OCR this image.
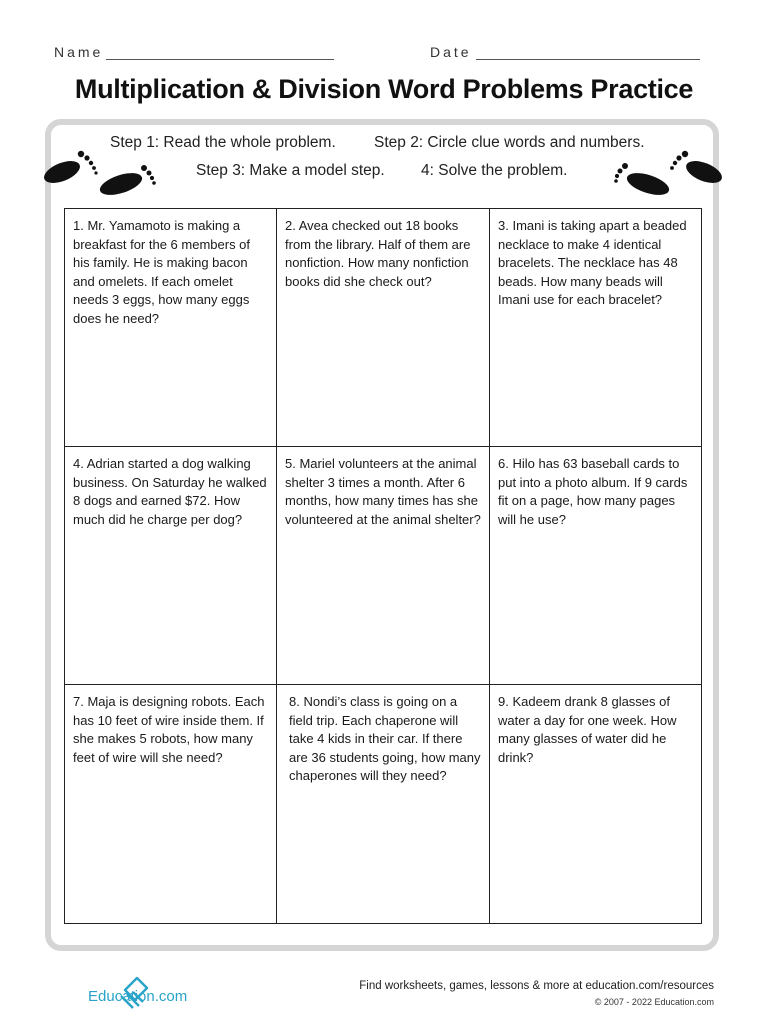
Name	Date
Multiplication & Division Word Problems Practice
Step 1: Read the whole problem. Step 2: Circle clue words and numbers.
Step 3: Make a model step. 4: Solve the problem.
1. Mr. Yamamoto is making a breakfast for the 6 members of his family. He is making bacon and omelets. If each omelet needs 3 eggs, how many eggs does he need?
2. Avea checked out 18 books from the library. Half of them are nonfiction. How many nonfiction books did she check out?
3. Imani is taking apart a beaded necklace to make 4 identical bracelets. The necklace has 48 beads. How many beads will Imani use for each bracelet?
4. Adrian started a dog walking business. On Saturday he walked 8 dogs and earned $72. How much did he charge per dog?
5. Mariel volunteers at the animal shelter 3 times a month. After 6 months, how many times has she volunteered at the animal shelter?
6. Hilo has 63 baseball cards to put into a photo album. If 9 cards fit on a page, how many pages will he use?
7. Maja is designing robots. Each has 10 feet of wire inside them. If she makes 5 robots, how many feet of wire will she need?
8. Nondi’s class is going on a field trip. Each chaperone will take 4 kids in their car. If there are 36 students going, how many chaperones will they need?
9. Kadeem drank 8 glasses of water a day for one week. How many glasses of water did he drink?
Education.com
Find worksheets, games, lessons & more at education.com/resources
© 2007 - 2022 Education.com
